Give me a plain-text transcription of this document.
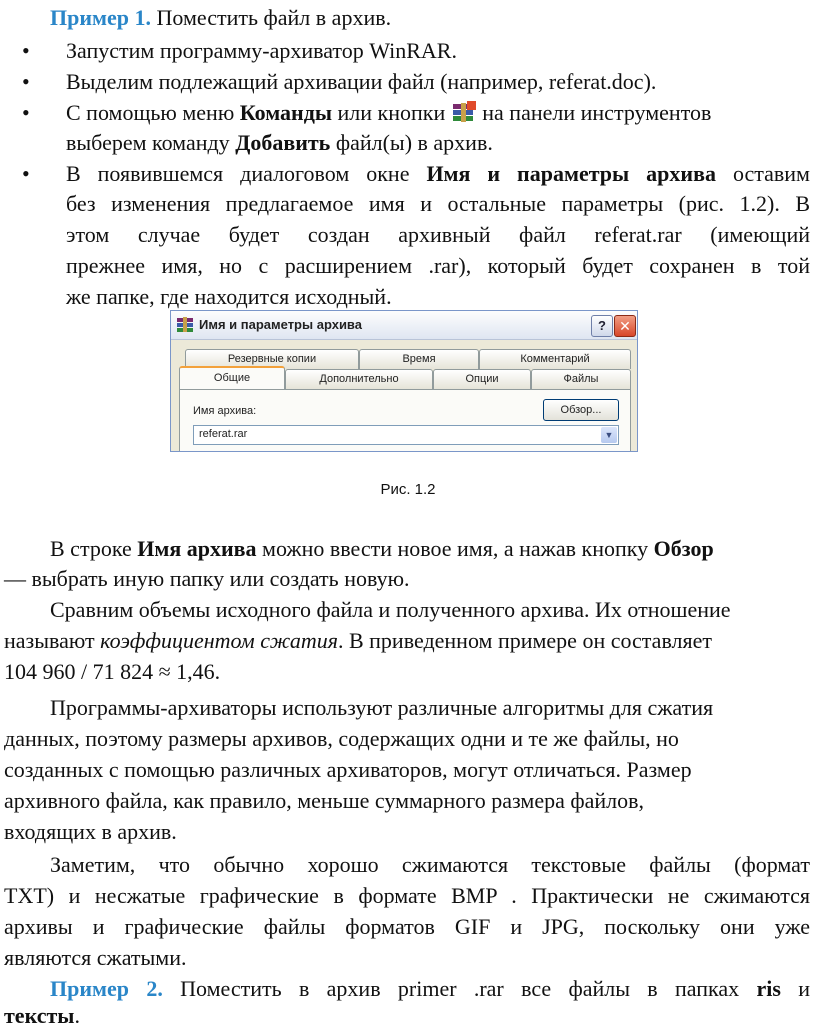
Пример 1. Поместить файл в архив.
• Запустим программу-архиватор WinRAR.
• Выделим подлежащий архивации файл (например, referat.doc).
• С помощью меню Команды или кнопки  на панели инструментов
выберем команду Добавить файл(ы) в архив.
• В появившемся диалоговом окне Имя и параметры архива оставим
без изменения предлагаемое имя и остальные параметры (рис. 1.2). В
этом случае будет создан архивный файл referat.rar (имеющий
прежнее имя, но с расширением .rar), который будет сохранен в той
же папке, где находится исходный.
Имя и параметры архива	? ✕
Резервные копии	Время	Комментарий
Дополнительно	Опции	Файлы
Общие
Имя архива:	Обзор...
referat.rar	▼
Рис. 1.2
В строке Имя архива можно ввести новое имя, а нажав кнопку Обзор
— выбрать иную папку или создать новую.
Сравним объемы исходного файла и полученного архива. Их отношение
называют коэффициентом сжатия. В приведенном примере он составляет
104 960 / 71 824 ≈ 1,46.
Программы-архиваторы используют различные алгоритмы для сжатия
данных, поэтому размеры архивов, содержащих одни и те же файлы, но
созданных с помощью различных архиваторов, могут отличаться. Размер
архивного файла, как правило, меньше суммарного размера файлов,
входящих в архив.
Заметим, что обычно хорошо сжимаются текстовые файлы (формат
TXT) и несжатые графические в формате BMP . Практически не сжимаются
архивы и графические файлы форматов GIF и JPG, поскольку они уже
являются сжатыми.
Пример 2. Поместить в архив primer .rar все файлы в папках ris и
тексты.
